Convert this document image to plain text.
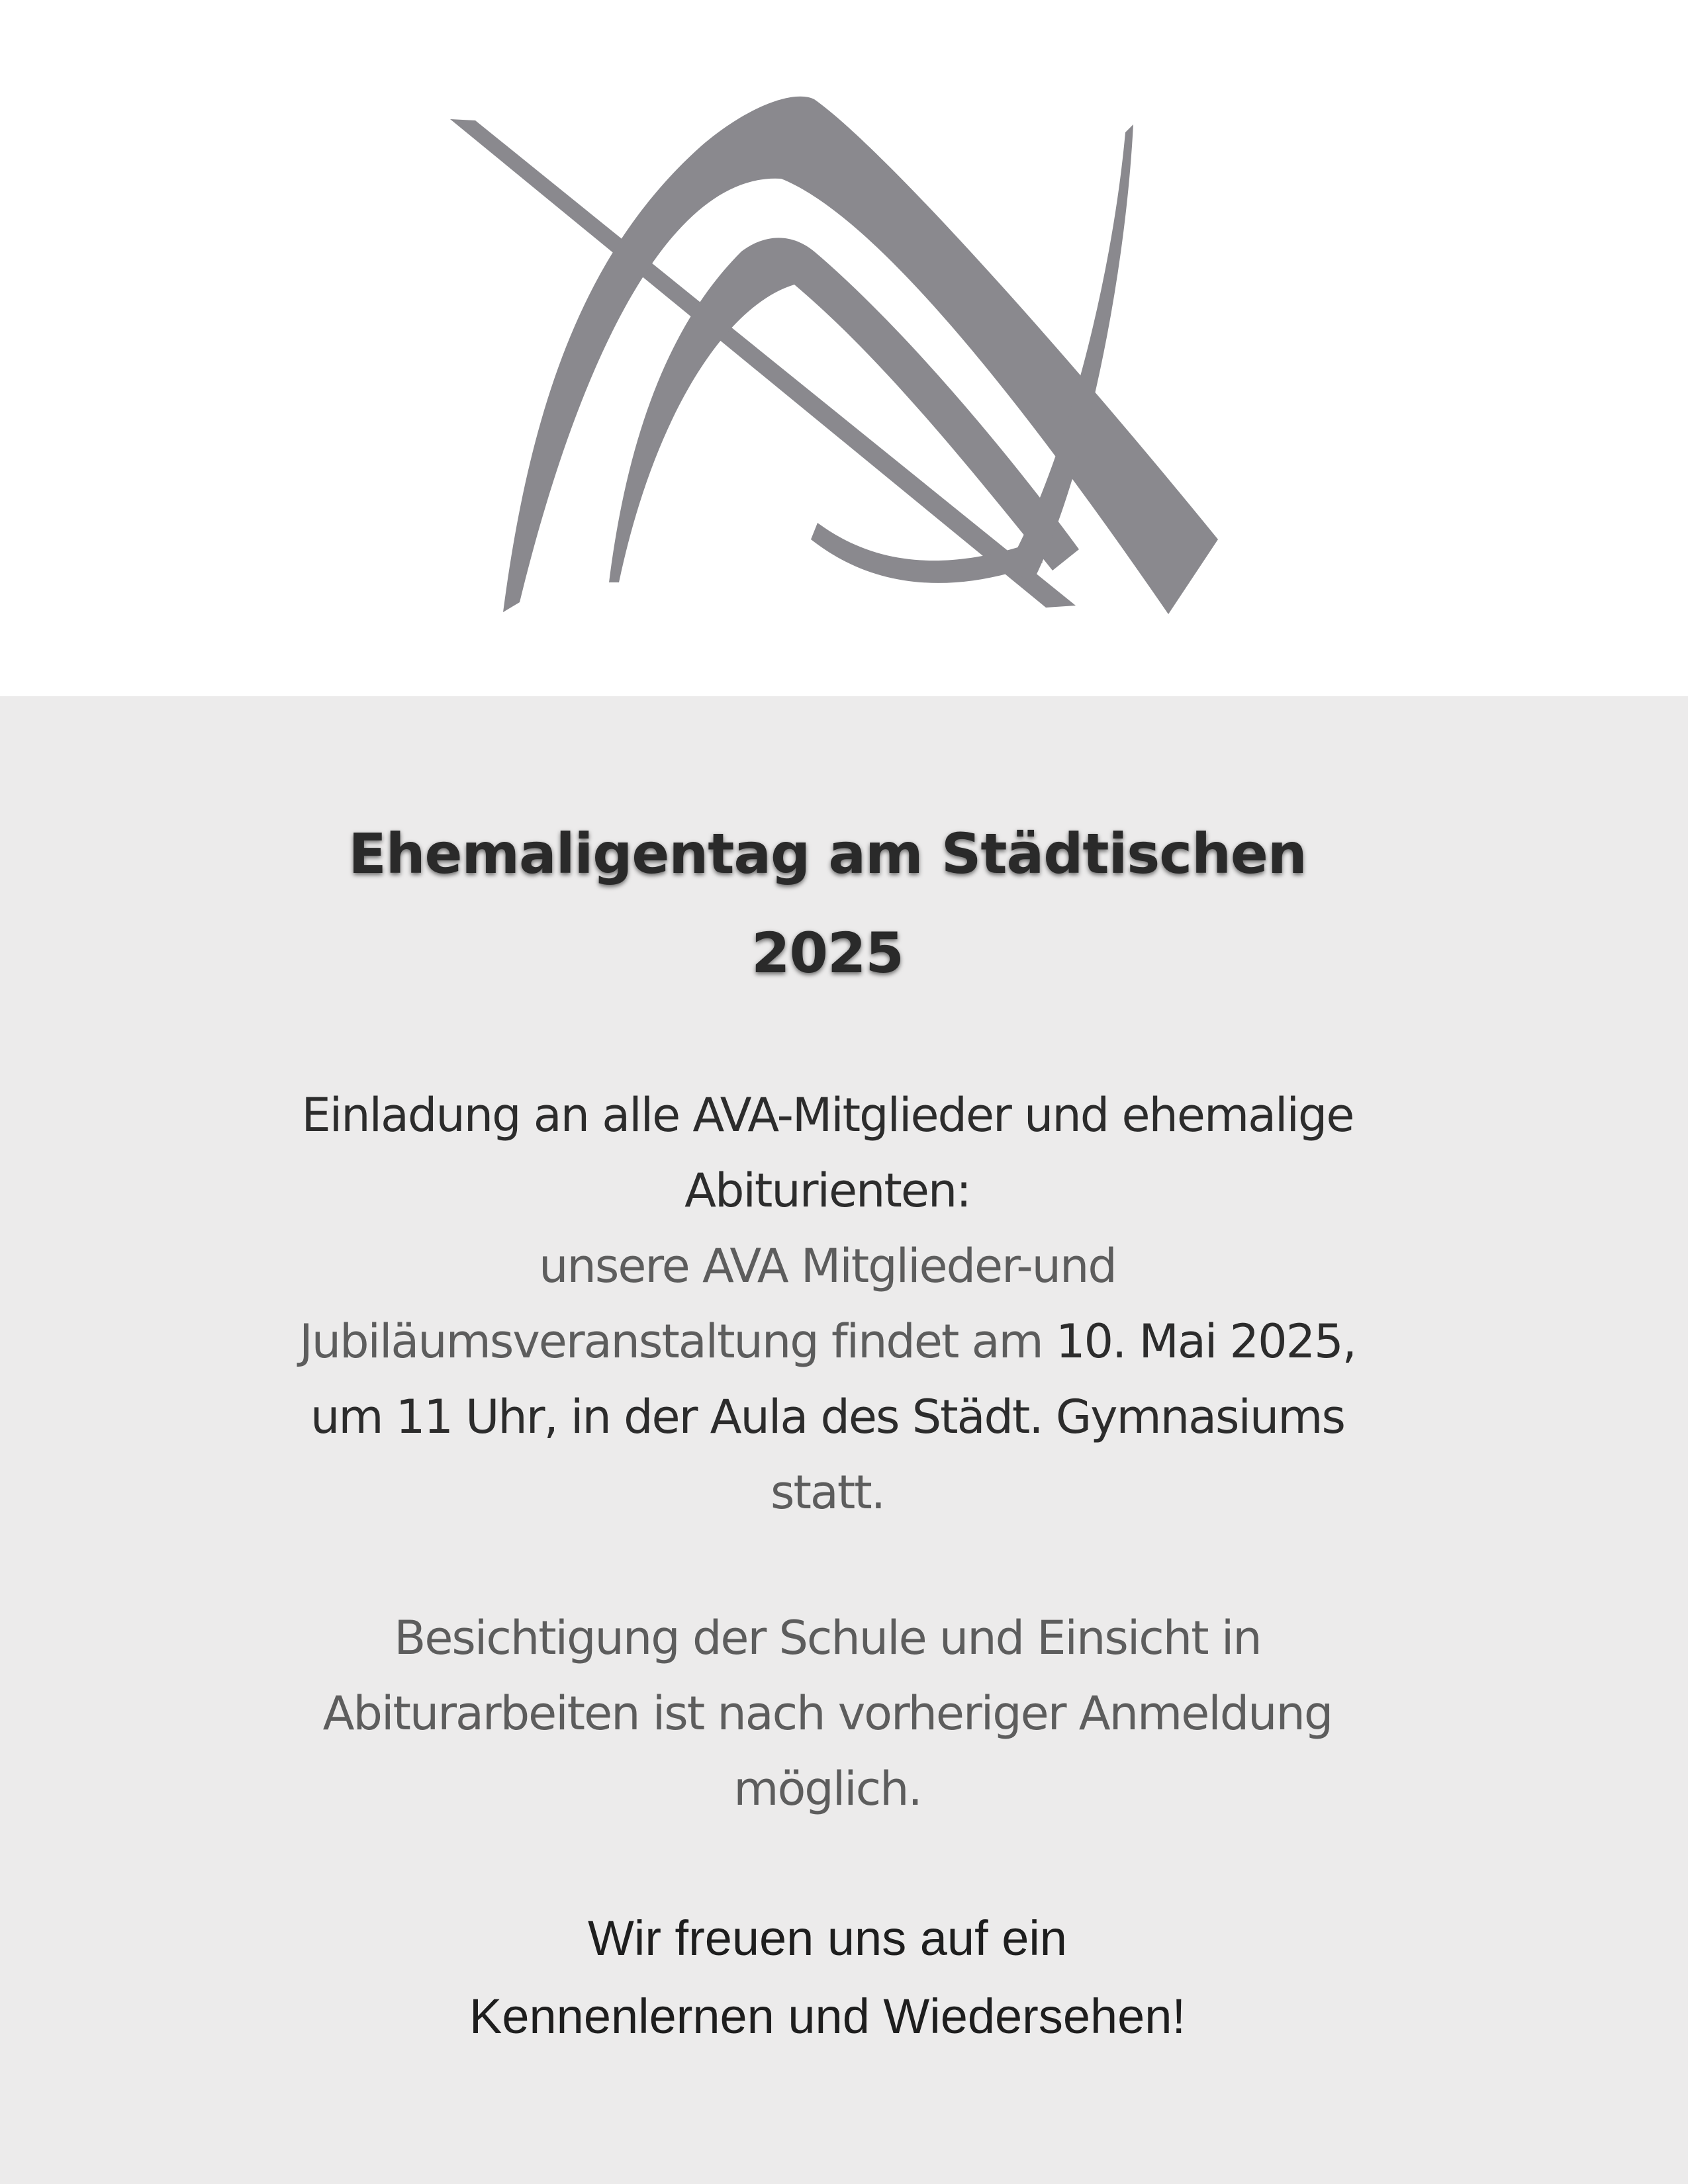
Ehemaligentag am Städtischen
2025
Einladung an alle AVA-Mitglieder und ehemalige
Abiturienten:
unsere AVA Mitglieder-und
Jubiläumsveranstaltung findet am 10. Mai 2025,
um 11 Uhr, in der Aula des Städt. Gymnasiums
statt.
Besichtigung der Schule und Einsicht in
Abiturarbeiten ist nach vorheriger Anmeldung
möglich.
Wir freuen uns auf ein
Kennenlernen und Wiedersehen!
